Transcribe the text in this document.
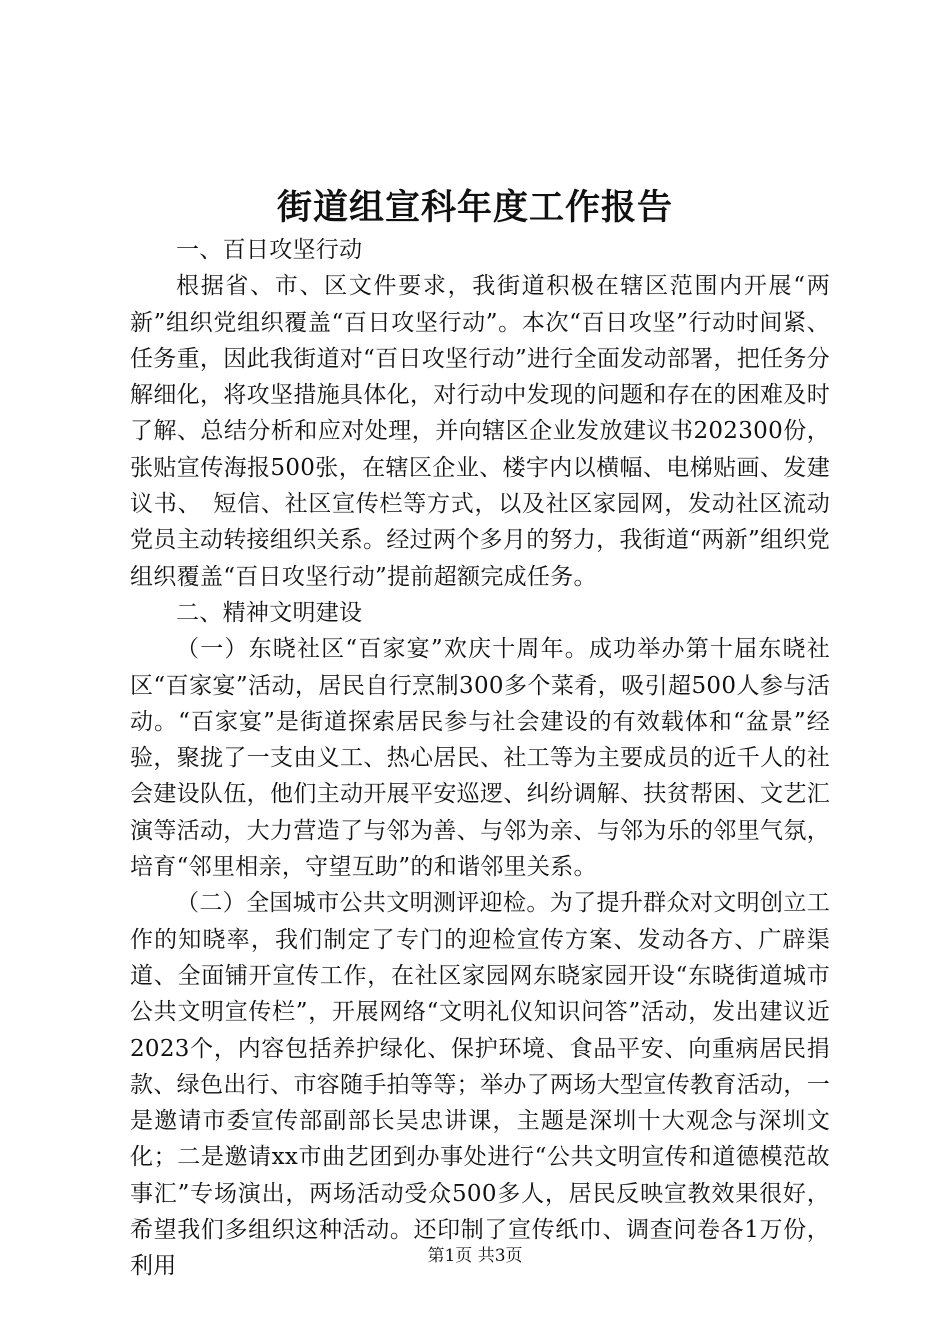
街道组宣科年度工作报告

一、百日攻坚行动

根据省、市、区文件要求，我街道积极在辖区范围内开展“两新”组织党组织覆盖“百日攻坚行动”。本次“百日攻坚”行动时间紧、任务重，因此我街道对“百日攻坚行动”进行全面发动部署，把任务分解细化，将攻坚措施具体化，对行动中发现的问题和存在的困难及时了解、总结分析和应对处理，并向辖区企业发放建议书202300份，张贴宣传海报500张，在辖区企业、楼宇内以横幅、电梯贴画、发建议书、　短信、社区宣传栏等方式，以及社区家园网，发动社区流动党员主动转接组织关系。经过两个多月的努力，我街道“两新”组织党组织覆盖“百日攻坚行动”提前超额完成任务。

二、精神文明建设

（一）东晓社区“百家宴”欢庆十周年。成功举办第十届东晓社区“百家宴”活动，居民自行烹制300多个菜肴，吸引超500人参与活动。“百家宴”是街道探索居民参与社会建设的有效载体和“盆景”经验，聚拢了一支由义工、热心居民、社工等为主要成员的近千人的社会建设队伍，他们主动开展平安巡逻、纠纷调解、扶贫帮困、文艺汇演等活动，大力营造了与邻为善、与邻为亲、与邻为乐的邻里气氛，培育“邻里相亲，守望互助”的和谐邻里关系。

（二）全国城市公共文明测评迎检。为了提升群众对文明创立工作的知晓率，我们制定了专门的迎检宣传方案、发动各方、广辟渠道、全面铺开宣传工作，在社区家园网东晓家园开设“东晓街道城市公共文明宣传栏”，开展网络“文明礼仪知识问答”活动，发出建议近2023个，内容包括养护绿化、保护环境、食品平安、向重病居民捐款、绿色出行、市容随手拍等等；举办了两场大型宣传教育活动，一是邀请市委宣传部副部长吴忠讲课，主题是深圳十大观念与深圳文化；二是邀请xx市曲艺团到办事处进行“公共文明宣传和道德模范故事汇”专场演出，两场活动受众500多人，居民反映宣教效果很好，希望我们多组织这种活动。还印制了宣传纸巾、调查问卷各1万份，利用	第1页 共3页
